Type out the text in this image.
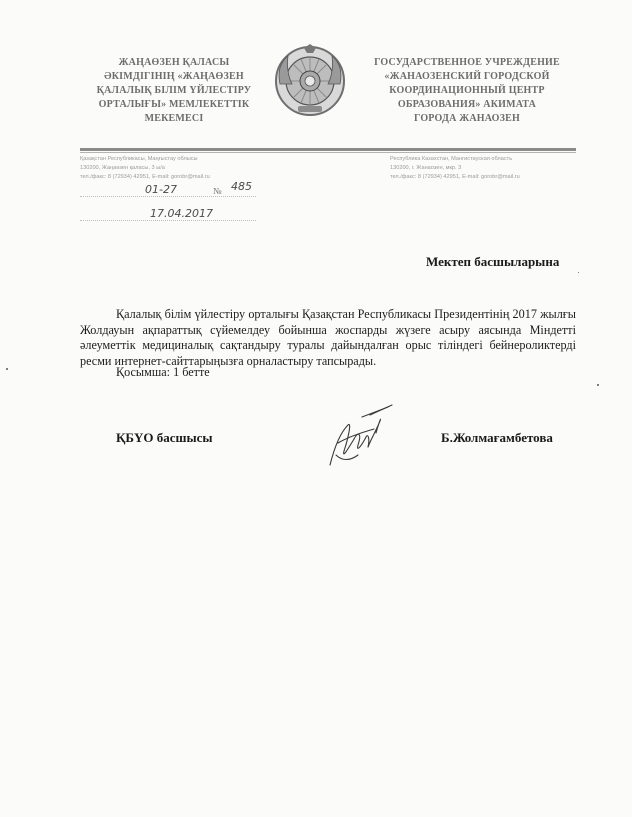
ЖАҢАӨЗЕН ҚАЛАСЫ
ӘКІМДІГІНІҢ «ЖАҢАӨЗЕН
ҚАЛАЛЫҚ БІЛІМ ҮЙЛЕСТІРУ
ОРТАЛЫҒЫ» МЕМЛЕКЕТТІК
МЕКЕМЕСІ
ГОСУДАРСТВЕННОЕ УЧРЕЖДЕНИЕ
«ЖАНАОЗЕНСКИЙ ГОРОДСКОЙ
КООРДИНАЦИОННЫЙ ЦЕНТР
ОБРАЗОВАНИЯ» АКИМАТА
ГОРОДА ЖАНАОЗЕН
Қазақстан Республикасы, Маңғыстау облысы
130200, Жаңаөзен қаласы, 3 ы/а
тел./факс: 8 (72934) 42951, E-mail: gorobr@mail.ru
Республика Казахстан, Мангистауская область
130200, г. Жанаозен, мкр. 3
тел./факс: 8 (72934) 42951, E-mail: gorobr@mail.ru
01-27	№ 485
17.04.2017
Мектеп басшыларына

Қалалық білім үйлестіру орталығы Қазақстан Республикасы Президентінің 2017 жылғы Жолдауын ақпараттық сүйемелдеу бойынша жоспарды жүзеге асыру аясында Міндетті әлеуметтік медициналық сақтандыру туралы дайындалған орыс тіліндегі бейнероликтерді ресми интернет-сайттарыңызға орналастыру тапсырады.

Қосымша: 1 бетте
ҚБҮО басшысы	Б.Жолмағамбетова
